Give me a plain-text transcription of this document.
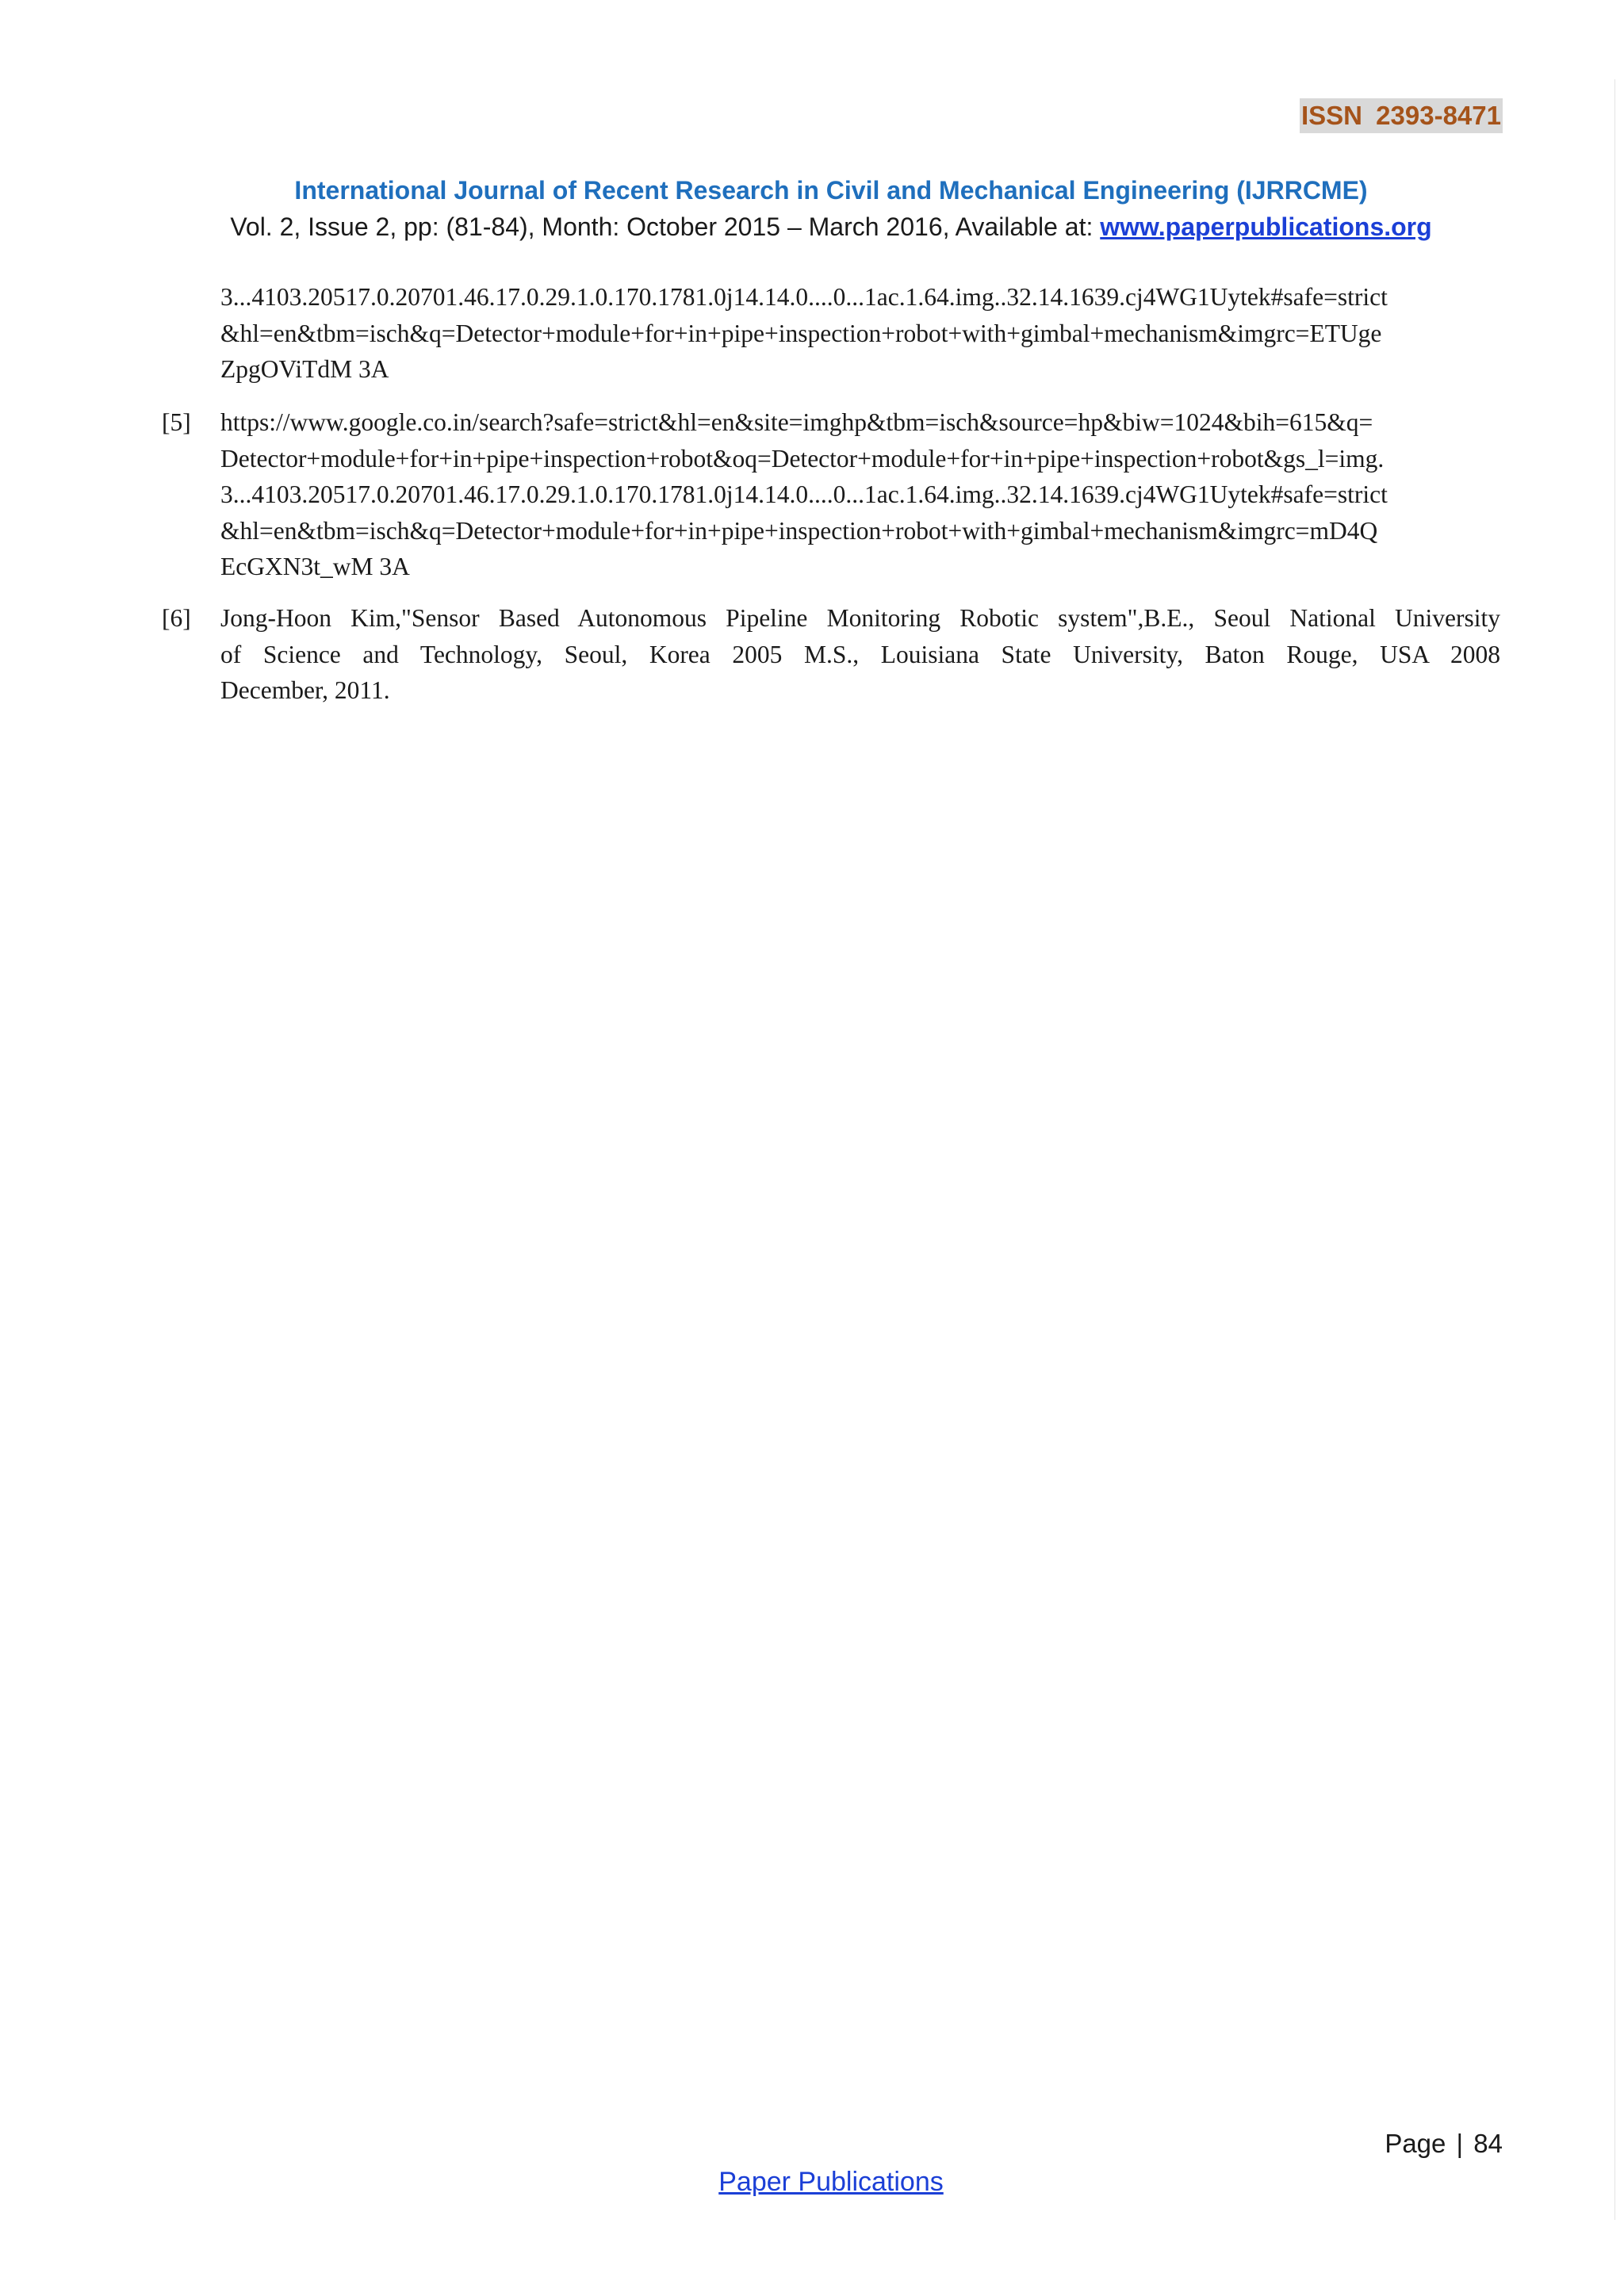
ISSN 2393-8471
International Journal of Recent Research in Civil and Mechanical Engineering (IJRRCME)
Vol. 2, Issue 2, pp: (81-84), Month: October 2015 – March 2016, Available at: www.paperpublications.org
3...4103.20517.0.20701.46.17.0.29.1.0.170.1781.0j14.14.0....0...1ac.1.64.img..32.14.1639.cj4WG1Uytek#safe=strict
&hl=en&tbm=isch&q=Detector+module+for+in+pipe+inspection+robot+with+gimbal+mechanism&imgrc=ETUge
ZpgOViTdM 3A
[5] https://www.google.co.in/search?safe=strict&hl=en&site=imghp&tbm=isch&source=hp&biw=1024&bih=615&q=
Detector+module+for+in+pipe+inspection+robot&oq=Detector+module+for+in+pipe+inspection+robot&gs_l=img.
3...4103.20517.0.20701.46.17.0.29.1.0.170.1781.0j14.14.0....0...1ac.1.64.img..32.14.1639.cj4WG1Uytek#safe=strict
&hl=en&tbm=isch&q=Detector+module+for+in+pipe+inspection+robot+with+gimbal+mechanism&imgrc=mD4Q
EcGXN3t_wM 3A
[6] Jong-Hoon Kim,"Sensor Based Autonomous Pipeline Monitoring Robotic system",B.E., Seoul National University
of Science and Technology, Seoul, Korea 2005 M.S., Louisiana State University, Baton Rouge, USA 2008
December, 2011.
Page | 84
Paper Publications
